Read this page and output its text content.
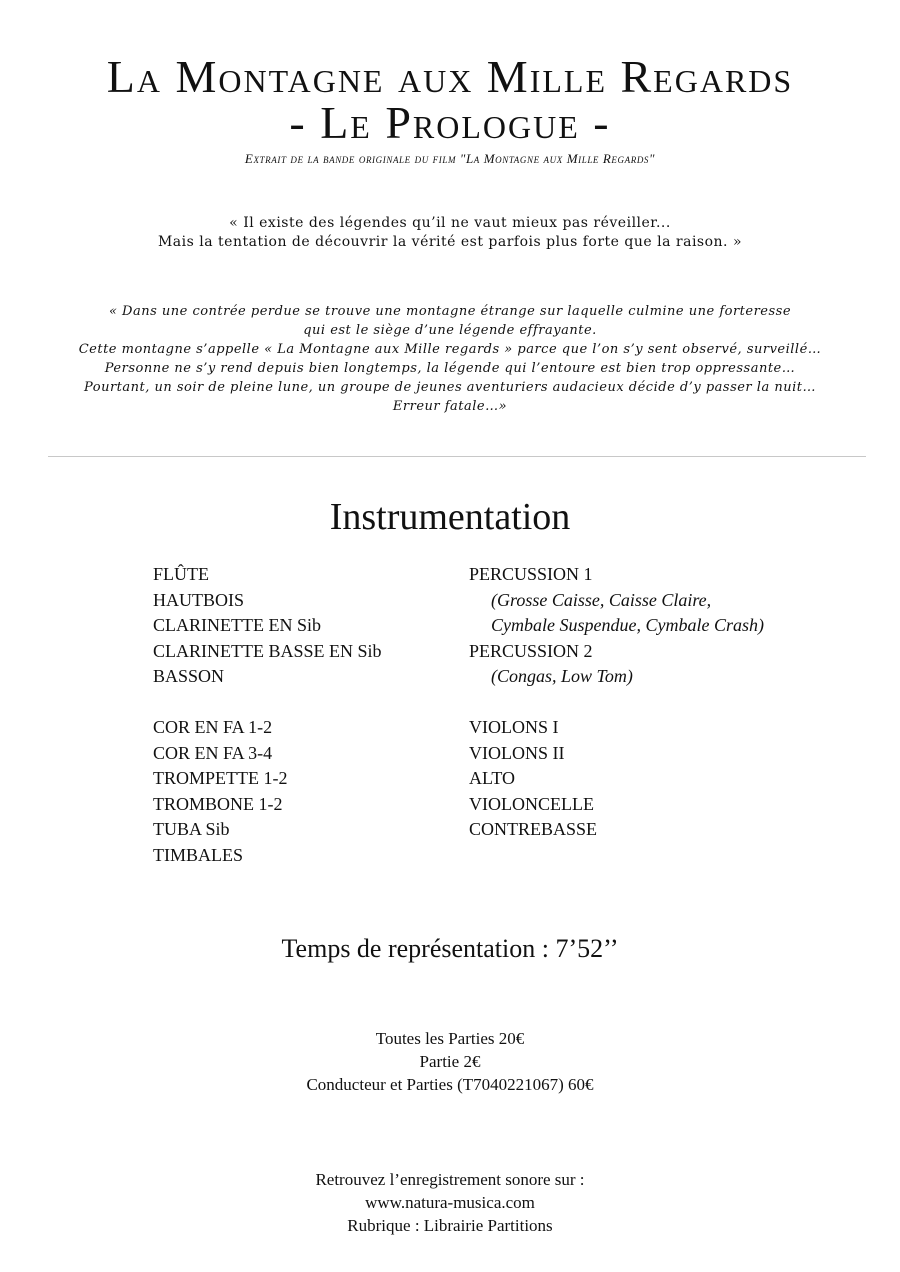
La Montagne aux Mille Regards
- Le Prologue -
Extrait de la bande originale du film "La Montagne aux Mille Regards"
« Il existe des légendes qu’il ne vaut mieux pas réveiller...
Mais la tentation de découvrir la vérité est parfois plus forte que la raison. »
« Dans une contrée perdue se trouve une montagne étrange sur laquelle culmine une forteresse
qui est le siège d’une légende effrayante.
Cette montagne s’appelle « La Montagne aux Mille regards » parce que l’on s’y sent observé, surveillé…
Personne ne s’y rend depuis bien longtemps, la légende qui l’entoure est bien trop oppressante…
Pourtant, un soir de pleine lune, un groupe de jeunes aventuriers audacieux décide d’y passer la nuit…
Erreur fatale…»
Instrumentation
FLÛTE
HAUTBOIS
CLARINETTE EN Sib
CLARINETTE BASSE EN Sib
BASSON
COR EN FA 1-2
COR EN FA 3-4
TROMPETTE 1-2
TROMBONE 1-2
TUBA Sib
TIMBALES
PERCUSSION 1
(Grosse Caisse, Caisse Claire,
Cymbale Suspendue, Cymbale Crash)
PERCUSSION 2
(Congas, Low Tom)
VIOLONS I
VIOLONS II
ALTO
VIOLONCELLE
CONTREBASSE
Temps de représentation : 7’52’’
Toutes les Parties 20€
Partie 2€
Conducteur et Parties (T7040221067) 60€
Retrouvez l’enregistrement sonore sur :
www.natura-musica.com
Rubrique : Librairie Partitions
